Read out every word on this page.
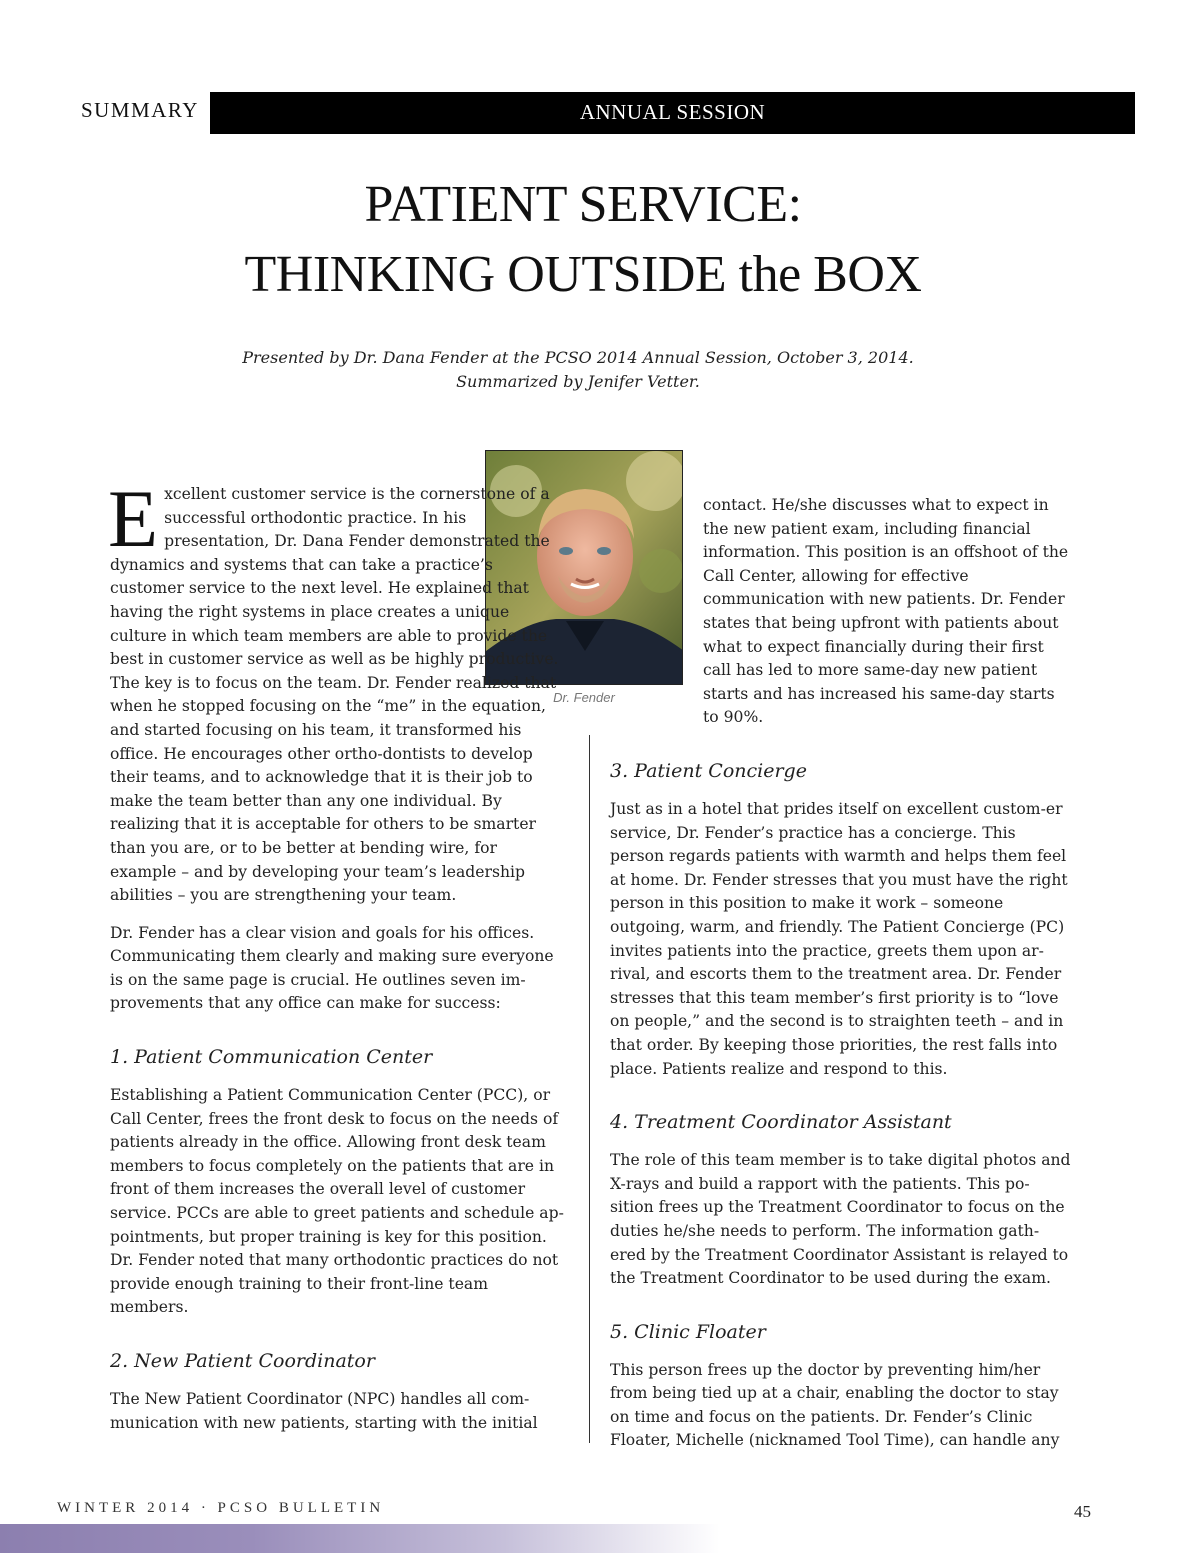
SUMMARY	ANNUAL SESSION
PATIENT SERVICE:
THINKING OUTSIDE the BOX
Presented by Dr. Dana Fender at the PCSO 2014 Annual Session, October 3, 2014.
Summarized by Jenifer Vetter.
Dr. Fender

Excellent customer service is the cornerstone of a successful orthodontic practice. In his presentation, Dr. Dana Fender demonstrated the dynamics and systems that can take a practice’s customer service to the next level. He explained that having the right systems in place creates a unique culture in which team members are able to provide the best in customer service as well as be highly productive. The key is to focus on the team. Dr. Fender realized that when he stopped focusing on the “me” in the equation, and started focusing on his team, it transformed his office. He encourages other ortho-dontists to develop their teams, and to acknowledge that it is their job to make the team better than any one individual. By realizing that it is acceptable for others to be smarter than you are, or to be better at bending wire, for example – and by developing your team’s leadership abilities – you are strengthening your team.

Dr. Fender has a clear vision and goals for his offices. Communicating them clearly and making sure everyone is on the same page is crucial. He outlines seven im-provements that any office can make for success:

1. Patient Communication Center

Establishing a Patient Communication Center (PCC), or Call Center, frees the front desk to focus on the needs of patients already in the office. Allowing front desk team members to focus completely on the patients that are in front of them increases the overall level of customer service. PCCs are able to greet patients and schedule ap-pointments, but proper training is key for this position. Dr. Fender noted that many orthodontic practices do not provide enough training to their front-line team members.

2. New Patient Coordinator

The New Patient Coordinator (NPC) handles all com-munication with new patients, starting with the initial

contact. He/she discusses what to expect in the new patient exam, including financial information. This position is an offshoot of the Call Center, allowing for effective communication with new patients. Dr. Fender states that being upfront with patients about what to expect financially during their first call has led to more same-day new patient starts and has increased his same-day starts to 90%.

3. Patient Concierge

Just as in a hotel that prides itself on excellent custom-er service, Dr. Fender’s practice has a concierge. This person regards patients with warmth and helps them feel at home. Dr. Fender stresses that you must have the right person in this position to make it work – someone outgoing, warm, and friendly. The Patient Concierge (PC) invites patients into the practice, greets them upon ar-rival, and escorts them to the treatment area. Dr. Fender stresses that this team member’s first priority is to “love on people,” and the second is to straighten teeth – and in that order. By keeping those priorities, the rest falls into place. Patients realize and respond to this.

4. Treatment Coordinator Assistant

The role of this team member is to take digital photos and X-rays and build a rapport with the patients. This po-sition frees up the Treatment Coordinator to focus on the duties he/she needs to perform. The information gath-ered by the Treatment Coordinator Assistant is relayed to the Treatment Coordinator to be used during the exam.

5. Clinic Floater

This person frees up the doctor by preventing him/her from being tied up at a chair, enabling the doctor to stay on time and focus on the patients. Dr. Fender’s Clinic Floater, Michelle (nicknamed Tool Time), can handle any

WINTER 2014 · PCSO BULLETIN	45
